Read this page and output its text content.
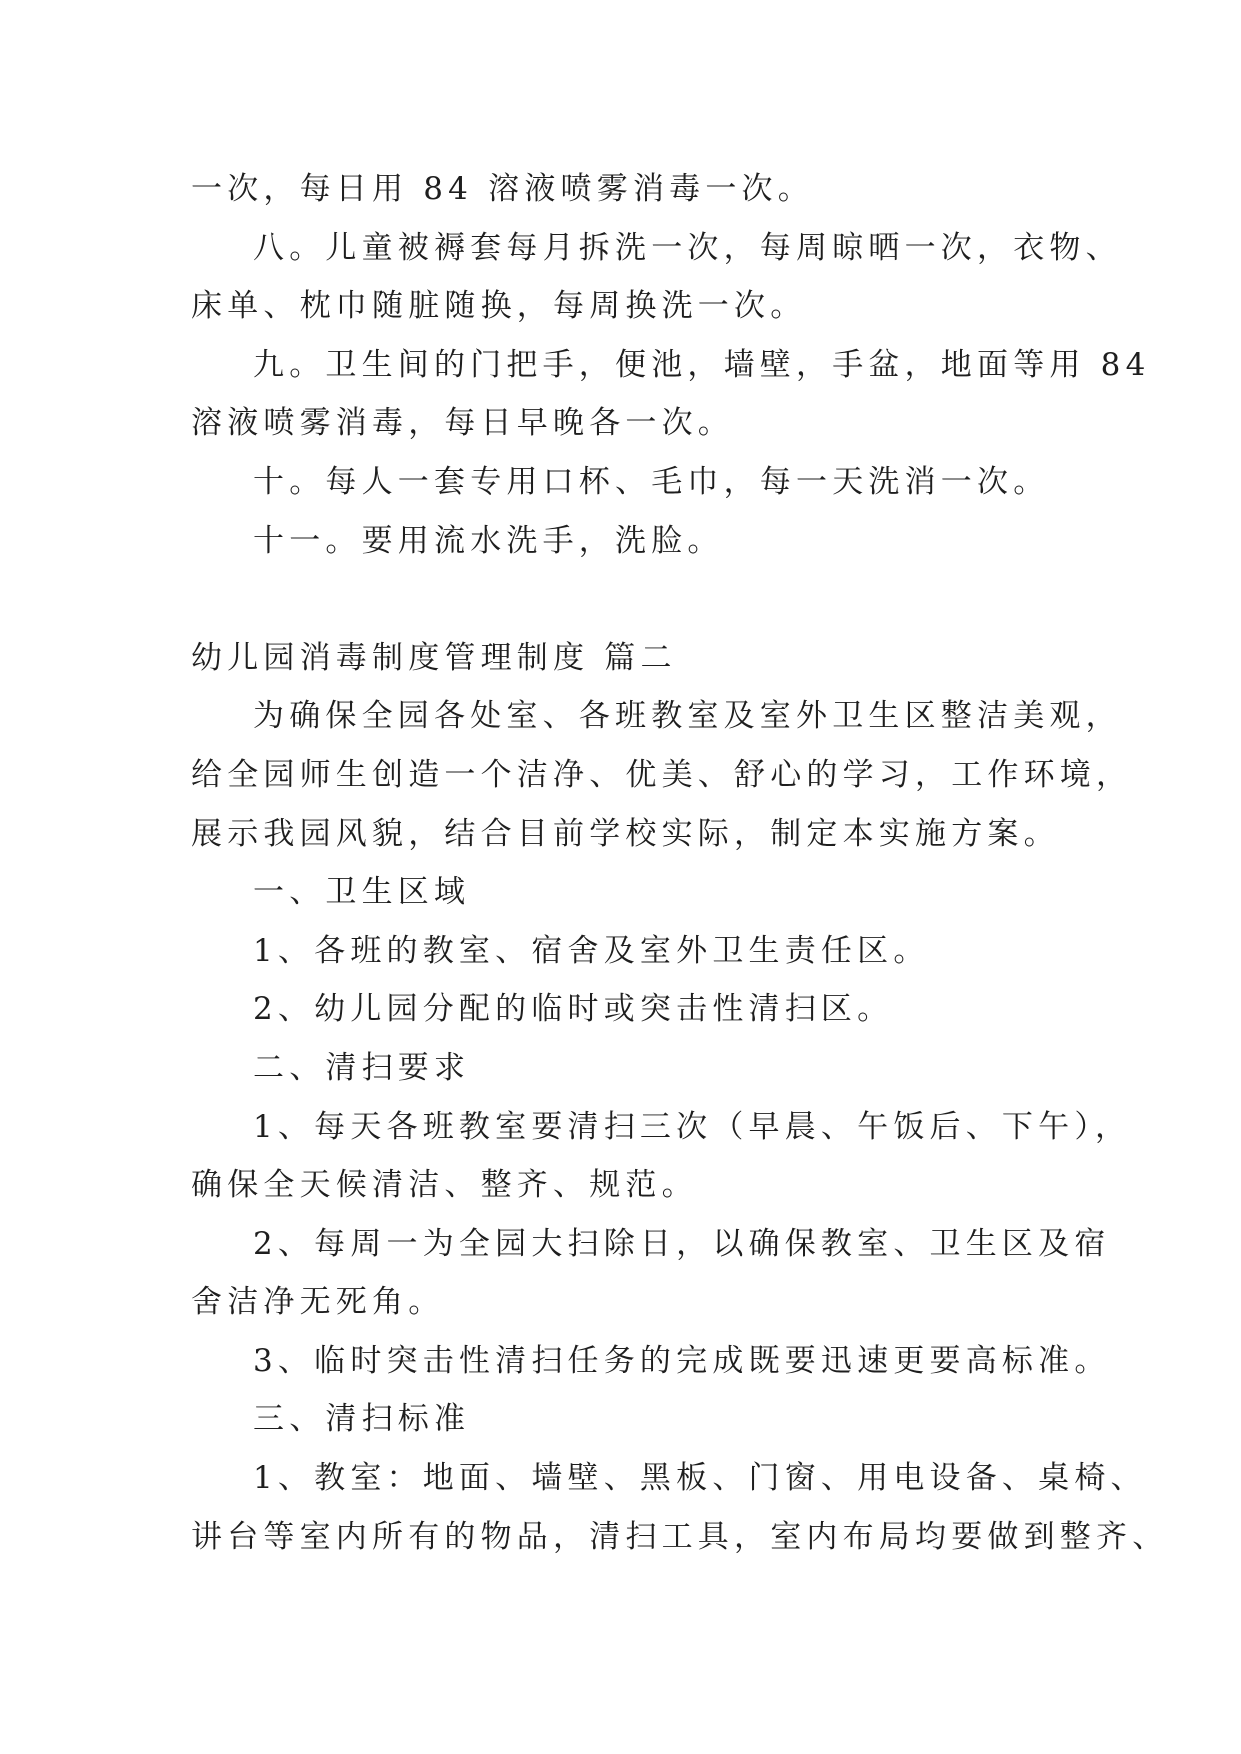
一次，每日用 84 溶液喷雾消毒一次。
八。儿童被褥套每月拆洗一次，每周晾晒一次，衣物、
床单、枕巾随脏随换，每周换洗一次。
九。卫生间的门把手，便池，墙壁，手盆，地面等用 84
溶液喷雾消毒，每日早晚各一次。
十。每人一套专用口杯、毛巾，每一天洗消一次。
十一。要用流水洗手，洗脸。
幼儿园消毒制度管理制度 篇二
为确保全园各处室、各班教室及室外卫生区整洁美观，
给全园师生创造一个洁净、优美、舒心的学习，工作环境，
展示我园风貌，结合目前学校实际，制定本实施方案。
一、卫生区域
1、各班的教室、宿舍及室外卫生责任区。
2、幼儿园分配的临时或突击性清扫区。
二、清扫要求
1、每天各班教室要清扫三次（早晨、午饭后、下午），
确保全天候清洁、整齐、规范。
2、每周一为全园大扫除日，以确保教室、卫生区及宿
舍洁净无死角。
3、临时突击性清扫任务的完成既要迅速更要高标准。
三、清扫标准
1、教室：地面、墙壁、黑板、门窗、用电设备、桌椅、
讲台等室内所有的物品，清扫工具，室内布局均要做到整齐、
